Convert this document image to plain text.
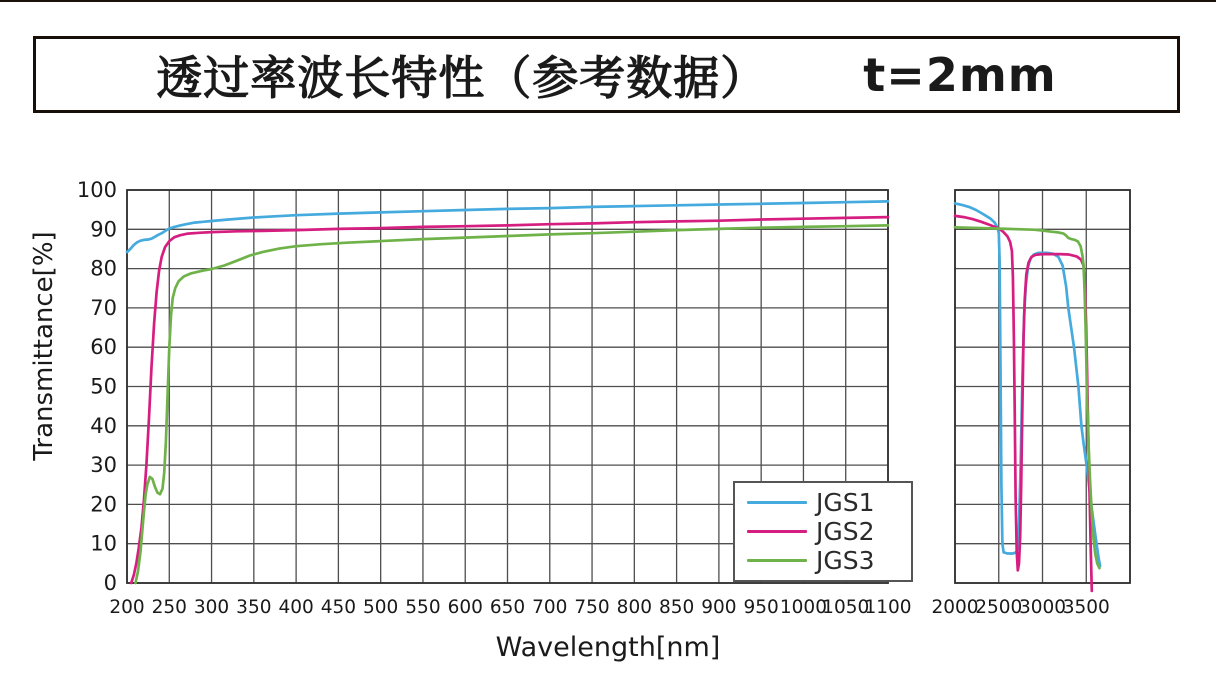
透过率波长特性（参考数据） t=2mm
200 250 300 350 400 450 500 550 600 650 700 750 800 850 900 950 1000
1050
1100 2000
2500
3000
3500
0
10
20
30
40
50
60
70
80
90
100
Transmittance[%]
Wavelength[nm]
JGS1
JGS2
JGS3
